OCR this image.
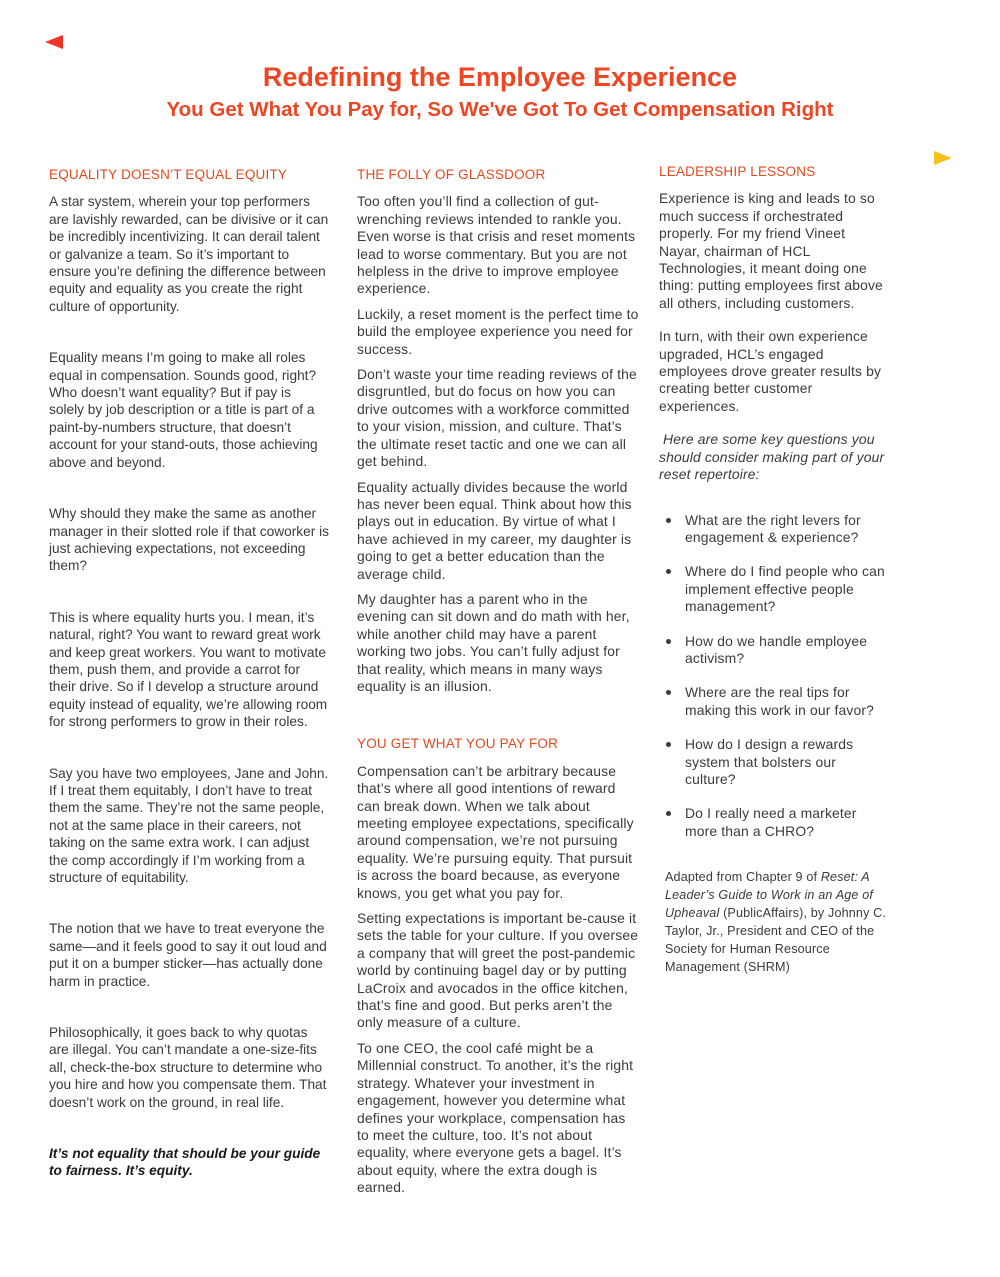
Redefining the Employee Experience
You Get What You Pay for, So We've Got To Get Compensation Right
EQUALITY DOESN’T EQUAL EQUITY

A star system, wherein your top performers are lavishly rewarded, can be divisive or it can be incredibly incentivizing. It can derail talent or galvanize a team. So it’s important to ensure you’re defining the difference between equity and equality as you create the right culture of opportunity.

Equality means I’m going to make all roles equal in compensation. Sounds good, right? Who doesn’t want equality? But if pay is solely by job description or a title is part of a paint-by-numbers structure, that doesn’t account for your stand-outs, those achieving above and beyond.

Why should they make the same as another manager in their slotted role if that coworker is just achieving expectations, not exceeding them?

This is where equality hurts you. I mean, it’s natural, right? You want to reward great work and keep great workers. You want to motivate them, push them, and provide a carrot for their drive. So if I develop a structure around equity instead of equality, we’re allowing room for strong performers to grow in their roles.

Say you have two employees, Jane and John. If I treat them equitably, I don’t have to treat them the same. They’re not the same people, not at the same place in their careers, not taking on the same extra work. I can adjust the comp accordingly if I’m working from a structure of equitability.

The notion that we have to treat everyone the same—and it feels good to say it out loud and put it on a bumper sticker—has actually done harm in practice.

Philosophically, it goes back to why quotas are illegal. You can’t mandate a one-size-fits all, check-the-box structure to determine who you hire and how you compensate them. That doesn’t work on the ground, in real life.

It’s not equality that should be your guide to fairness. It’s equity.

THE FOLLY OF GLASSDOOR

Too often you’ll find a collection of gut-wrenching reviews intended to rankle you. Even worse is that crisis and reset moments lead to worse commentary. But you are not helpless in the drive to improve employee experience.

Luckily, a reset moment is the perfect time to build the employee experience you need for success.

Don’t waste your time reading reviews of the disgruntled, but do focus on how you can drive outcomes with a workforce committed to your vision, mission, and culture. That’s the ultimate reset tactic and one we can all get behind.

Equality actually divides because the world has never been equal. Think about how this plays out in education. By virtue of what I have achieved in my career, my daughter is going to get a better education than the average child.

My daughter has a parent who in the evening can sit down and do math with her, while another child may have a parent working two jobs. You can’t fully adjust for that reality, which means in many ways equality is an illusion.

YOU GET WHAT YOU PAY FOR

Compensation can’t be arbitrary because that’s where all good intentions of reward can break down. When we talk about meeting employee expectations, specifically around compensation, we’re not pursuing equality. We’re pursuing equity. That pursuit is across the board because, as everyone knows, you get what you pay for.

Setting expectations is important be-cause it sets the table for your culture. If you oversee a company that will greet the post-pandemic world by continuing bagel day or by putting LaCroix and avocados in the office kitchen, that’s fine and good. But perks aren’t the only measure of a culture.

To one CEO, the cool café might be a Millennial construct. To another, it’s the right strategy. Whatever your investment in engagement, however you determine what defines your workplace, compensation has to meet the culture, too. It’s not about equality, where everyone gets a bagel. It’s about equity, where the extra dough is earned.

LEADERSHIP LESSONS

Experience is king and leads to so much success if orchestrated properly. For my friend Vineet Nayar, chairman of HCL Technologies, it meant doing one thing: putting employees first above all others, including customers.

In turn, with their own experience upgraded, HCL’s engaged employees drove greater results by creating better customer experiences.

Here are some key questions you should consider making part of your reset repertoire:

What are the right levers for engagement & experience?
Where do I find people who can implement effective people management?
How do we handle employee activism?
Where are the real tips for making this work in our favor?
How do I design a rewards system that bolsters our culture?
Do I really need a marketer more than a CHRO?
Adapted from Chapter 9 of Reset: A Leader’s Guide to Work in an Age of Upheaval (PublicAffairs), by Johnny C. Taylor, Jr., President and CEO of the Society for Human Resource Management (SHRM)
